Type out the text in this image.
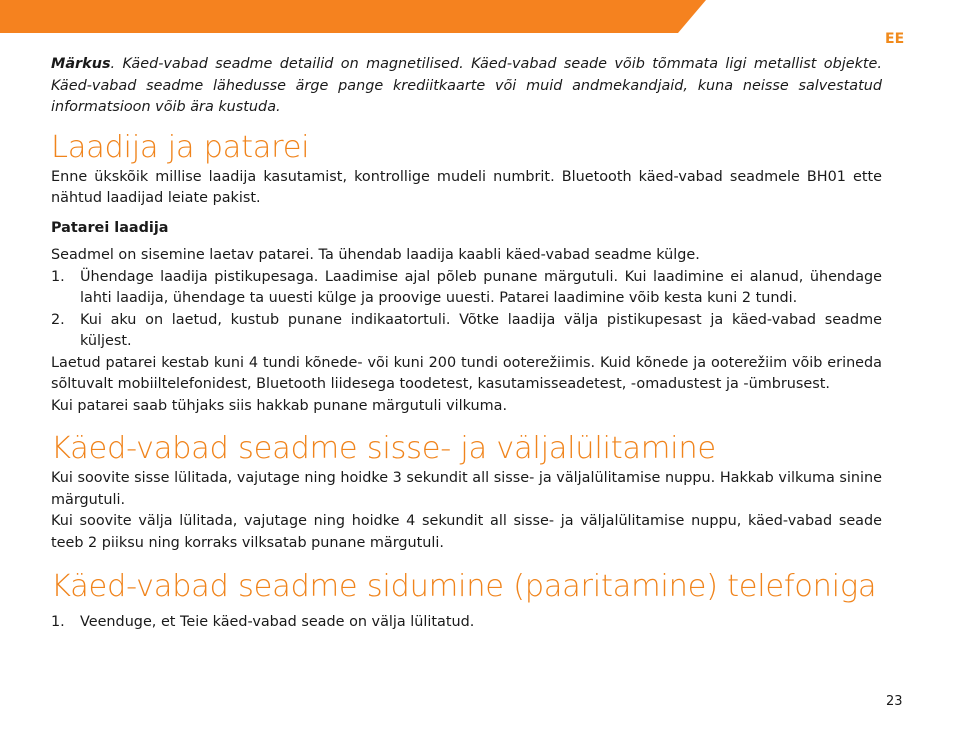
EE

Märkus. Käed-vabad seadme detailid on magnetilised. Käed-vabad seade võib tõmmata ligi metallist objekte. Käed-vabad seadme lähedusse ärge pange krediitkaarte või muid andmekandjaid, kuna neisse salvestatud informatsioon võib ära kustuda.

Laadija ja patarei

Enne ükskõik millise laadija kasutamist, kontrollige mudeli numbrit. Bluetooth käed-vabad seadmele BH01 ette nähtud laadijad leiate pakist.

Patarei laadija

Seadmel on sisemine laetav patarei. Ta ühendab laadija kaabli käed-vabad seadme külge.

1. Ühendage laadija pistikupesaga. Laadimise ajal põleb punane märgutuli. Kui laadimine ei alanud, ühendage lahti laadija, ühendage ta uuesti külge ja proovige uuesti. Patarei laadimine võib kesta kuni 2 tundi.
2. Kui aku on laetud, kustub punane indikaatortuli. Võtke laadija välja pistikupesast ja käed-vabad seadme küljest.

Laetud patarei kestab kuni 4 tundi kõnede- või kuni 200 tundi ooterežiimis. Kuid kõnede ja ooterežiim võib erineda sõltuvalt mobiiltelefonidest, Bluetooth liidesega toodetest, kasutamisseadetest, -omadustest ja -ümbrusest.

Kui patarei saab tühjaks siis hakkab punane märgutuli vilkuma.

Käed-vabad seadme sisse- ja väljalülitamine

Kui soovite sisse lülitada, vajutage ning hoidke 3 sekundit all sisse- ja väljalülitamise nuppu. Hakkab vilkuma sinine märgutuli.

Kui soovite välja lülitada, vajutage ning hoidke 4 sekundit all sisse- ja väljalülitamise nuppu, käed-vabad seade teeb 2 piiksu ning korraks vilksatab punane märgutuli.

Käed-vabad seadme sidumine (paaritamine) telefoniga
1. Veenduge, et Teie käed-vabad seade on välja lülitatud.
23
